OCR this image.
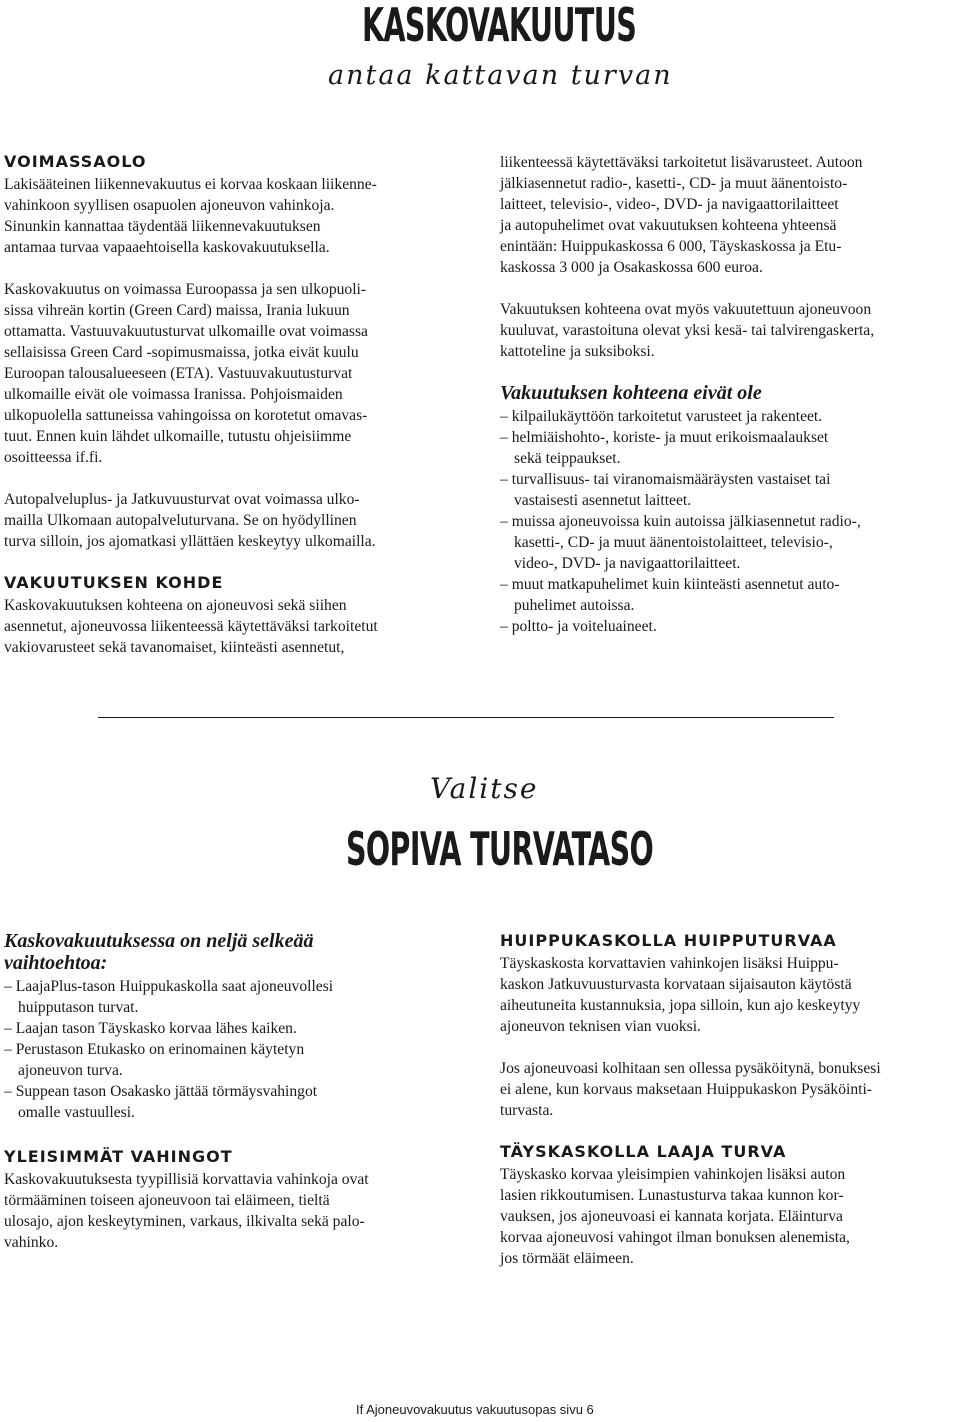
KASKOVAKUUTUS
antaa kattavan turvan
VOIMASSAOLO

Lakisääteinen liikennevakuutus ei korvaa koskaan liikenne-
vahinkoon syyllisen osapuolen ajoneuvon vahinkoja.
Sinunkin kannattaa täydentää liikennevakuutuksen
antamaa turvaa vapaaehtoisella kaskovakuutuksella.

Kaskovakuutus on voimassa Euroopassa ja sen ulkopuoli-
sissa vihreän kortin (Green Card) maissa, Irania lukuun
ottamatta. Vastuuvakuutusturvat ulkomaille ovat voimassa
sellaisissa Green Card -sopimusmaissa, jotka eivät kuulu
Euroopan talousalueeseen (ETA). Vastuuvakuutusturvat
ulkomaille eivät ole voimassa Iranissa. Pohjoismaiden
ulkopuolella sattuneissa vahingoissa on korotetut omavas-
tuut. Ennen kuin lähdet ulkomaille, tutustu ohjeisiimme
osoitteessa if.fi.

Autopalveluplus- ja Jatkuvuusturvat ovat voimassa ulko-
mailla Ulkomaan autopalveluturvana. Se on hyödyllinen
turva silloin, jos ajomatkasi yllättäen keskeytyy ulkomailla.

VAKUUTUKSEN KOHDE

Kaskovakuutuksen kohteena on ajoneuvosi sekä siihen
asennetut, ajoneuvossa liikenteessä käytettäväksi tarkoitetut
vakiovarusteet sekä tavanomaiset, kiinteästi asennetut,

liikenteessä käytettäväksi tarkoitetut lisävarusteet. Autoon
jälkiasennetut radio-, kasetti-, CD- ja muut äänentoisto-
laitteet, televisio-, video-, DVD- ja navigaattorilaitteet
ja autopuhelimet ovat vakuutuksen kohteena yhteensä
enintään: Huippukaskossa 6 000, Täyskaskossa ja Etu-
kaskossa 3 000 ja Osakaskossa 600 euroa.

Vakuutuksen kohteena ovat myös vakuutettuun ajoneuvoon
kuuluvat, varastoituna olevat yksi kesä- tai talvirengaskerta,
kattoteline ja suksiboksi.

Vakuutuksen kohteena eivät ole
– kilpailukäyttöön tarkoitetut varusteet ja rakenteet.
– helmiäishohto-, koriste- ja muut erikoismaalaukset
sekä teippaukset.
– turvallisuus- tai viranomaismääräysten vastaiset tai
vastaisesti asennetut laitteet.
– muissa ajoneuvoissa kuin autoissa jälkiasennetut radio-,
kasetti-, CD- ja muut äänentoistolaitteet, televisio-,
video-, DVD- ja navigaattorilaitteet.
– muut matkapuhelimet kuin kiinteästi asennetut auto-
puhelimet autoissa.
– poltto- ja voiteluaineet.
Valitse
SOPIVA TURVATASO
Kaskovakuutuksessa on neljä selkeää
vaihtoehtoa:
– LaajaPlus-tason Huippukaskolla saat ajoneuvollesi
huipputason turvat.
– Laajan tason Täyskasko korvaa lähes kaiken.
– Perustason Etukasko on erinomainen käytetyn
ajoneuvon turva.
– Suppean tason Osakasko jättää törmäysvahingot
omalle vastuullesi.
YLEISIMMÄT VAHINGOT

Kaskovakuutuksesta tyypillisiä korvattavia vahinkoja ovat
törmääminen toiseen ajoneuvoon tai eläimeen, tieltä
ulosajo, ajon keskeytyminen, varkaus, ilkivalta sekä palo-
vahinko.

HUIPPUKASKOLLA HUIPPUTURVAA

Täyskaskosta korvattavien vahinkojen lisäksi Huippu-
kaskon Jatkuvuusturvasta korvataan sijaisauton käytöstä
aiheutuneita kustannuksia, jopa silloin, kun ajo keskeytyy
ajoneuvon teknisen vian vuoksi.

Jos ajoneuvoasi kolhitaan sen ollessa pysäköitynä, bonuksesi
ei alene, kun korvaus maksetaan Huippukaskon Pysäköinti-
turvasta.

TÄYSKASKOLLA LAAJA TURVA

Täyskasko korvaa yleisimpien vahinkojen lisäksi auton
lasien rikkoutumisen. Lunastusturva takaa kunnon kor-
vauksen, jos ajoneuvoasi ei kannata korjata. Eläinturva
korvaa ajoneuvosi vahingot ilman bonuksen alenemista,
jos törmäät eläimeen.

If Ajoneuvovakuutus vakuutusopas sivu 6
